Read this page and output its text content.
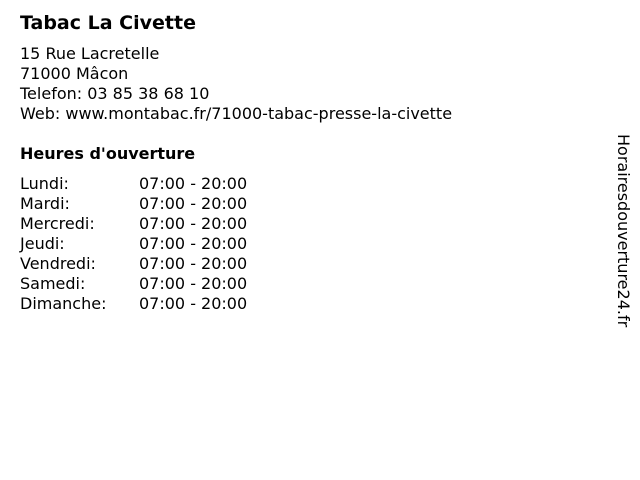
Tabac La Civette
15 Rue Lacretelle
71000 Mâcon
Telefon: 03 85 38 68 10
Web: www.montabac.fr/71000-tabac-presse-la-civette
Heures d'ouverture
Lundi:	07:00 - 20:00
Mardi:	07:00 - 20:00
Mercredi:	07:00 - 20:00
Jeudi:	07:00 - 20:00
Vendredi:	07:00 - 20:00
Samedi:	07:00 - 20:00
Dimanche: 07:00 - 20:00	Horairesdouverture24.fr
